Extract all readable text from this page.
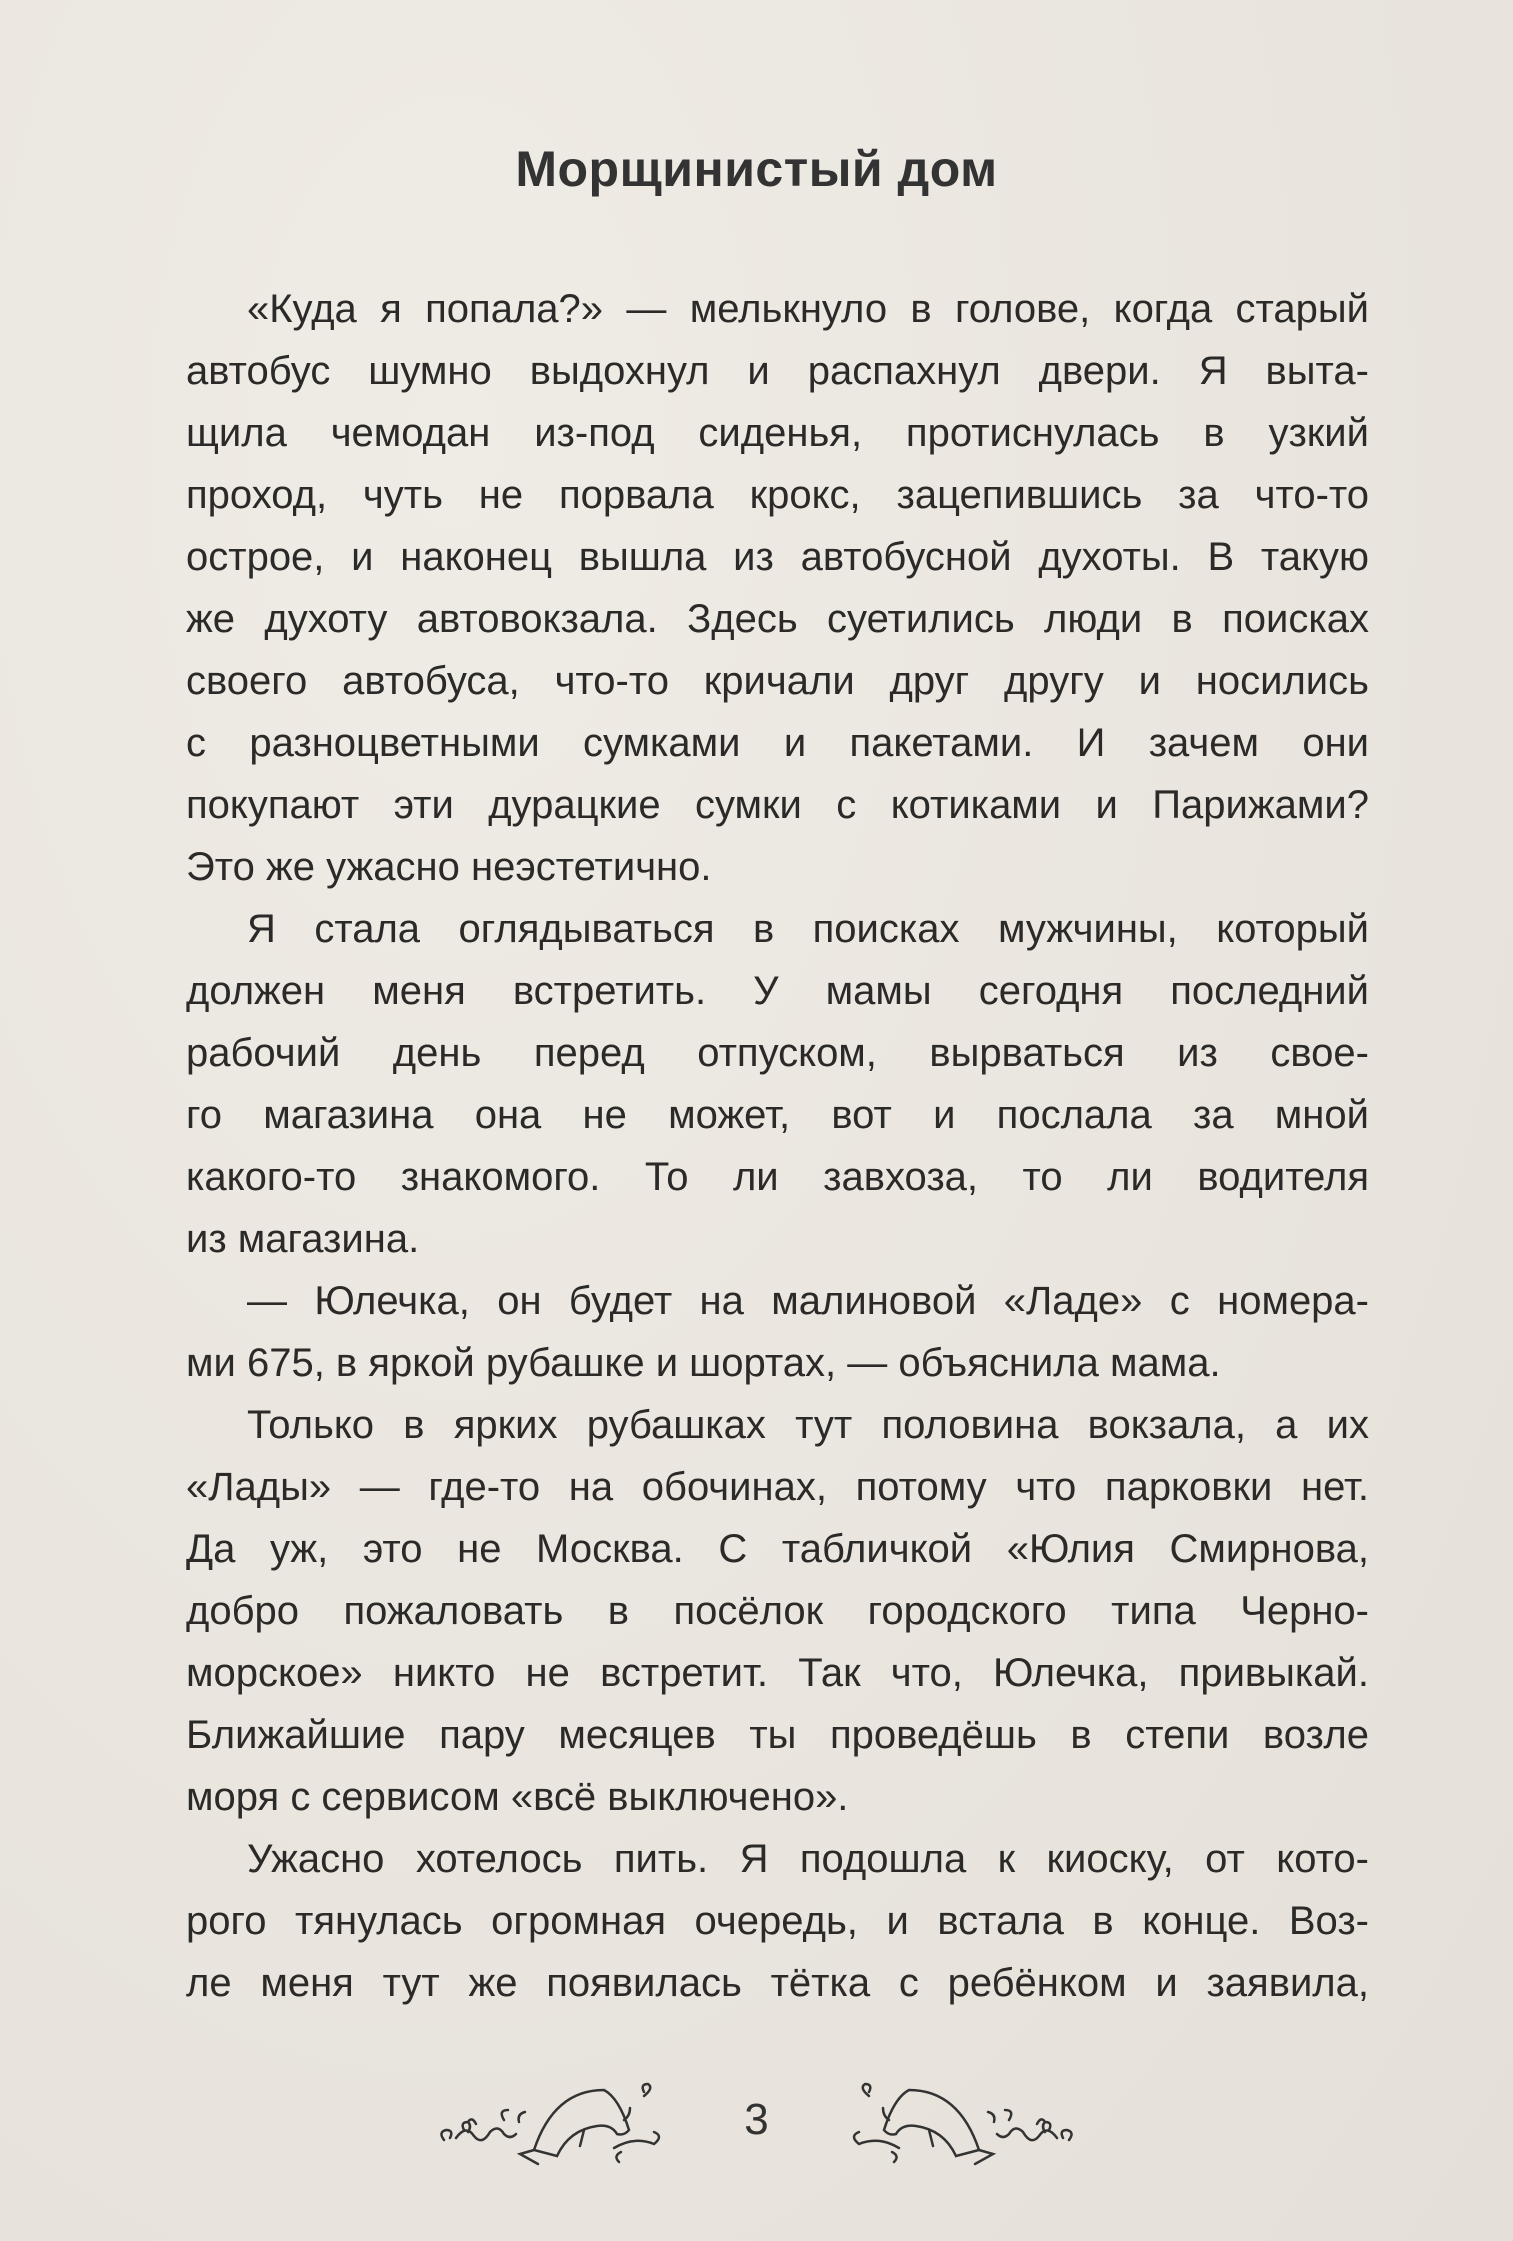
Морщинистый дом
«Куда я попала?» — мелькнуло в голове, когда старый
автобус шумно выдохнул и распахнул двери. Я выта-
щила чемодан из-под сиденья, протиснулась в узкий
проход, чуть не порвала крокс, зацепившись за что-то
острое, и наконец вышла из автобусной духоты. В такую
же духоту автовокзала. Здесь суетились люди в поисках
своего автобуса, что-то кричали друг другу и носились
с разноцветными сумками и пакетами. И зачем они
покупают эти дурацкие сумки с котиками и Парижами?
Это же ужасно неэстетично.
Я стала оглядываться в поисках мужчины, который
должен меня встретить. У мамы сегодня последний
рабочий день перед отпуском, вырваться из свое-
го магазина она не может, вот и послала за мной
какого-то знакомого. То ли завхоза, то ли водителя
из магазина.
— Юлечка, он будет на малиновой «Ладе» с номера-
ми 675, в яркой рубашке и шортах, — объяснила мама.
Только в ярких рубашках тут половина вокзала, а их
«Лады» — где-то на обочинах, потому что парковки нет.
Да уж, это не Москва. С табличкой «Юлия Смирнова,
добро пожаловать в посёлок городского типа Черно-
морское» никто не встретит. Так что, Юлечка, привыкай.
Ближайшие пару месяцев ты проведёшь в степи возле
моря с сервисом «всё выключено».
Ужасно хотелось пить. Я подошла к киоску, от кото-
рого тянулась огромная очередь, и встала в конце. Воз-
ле меня тут же появилась тётка с ребёнком и заявила,
3
